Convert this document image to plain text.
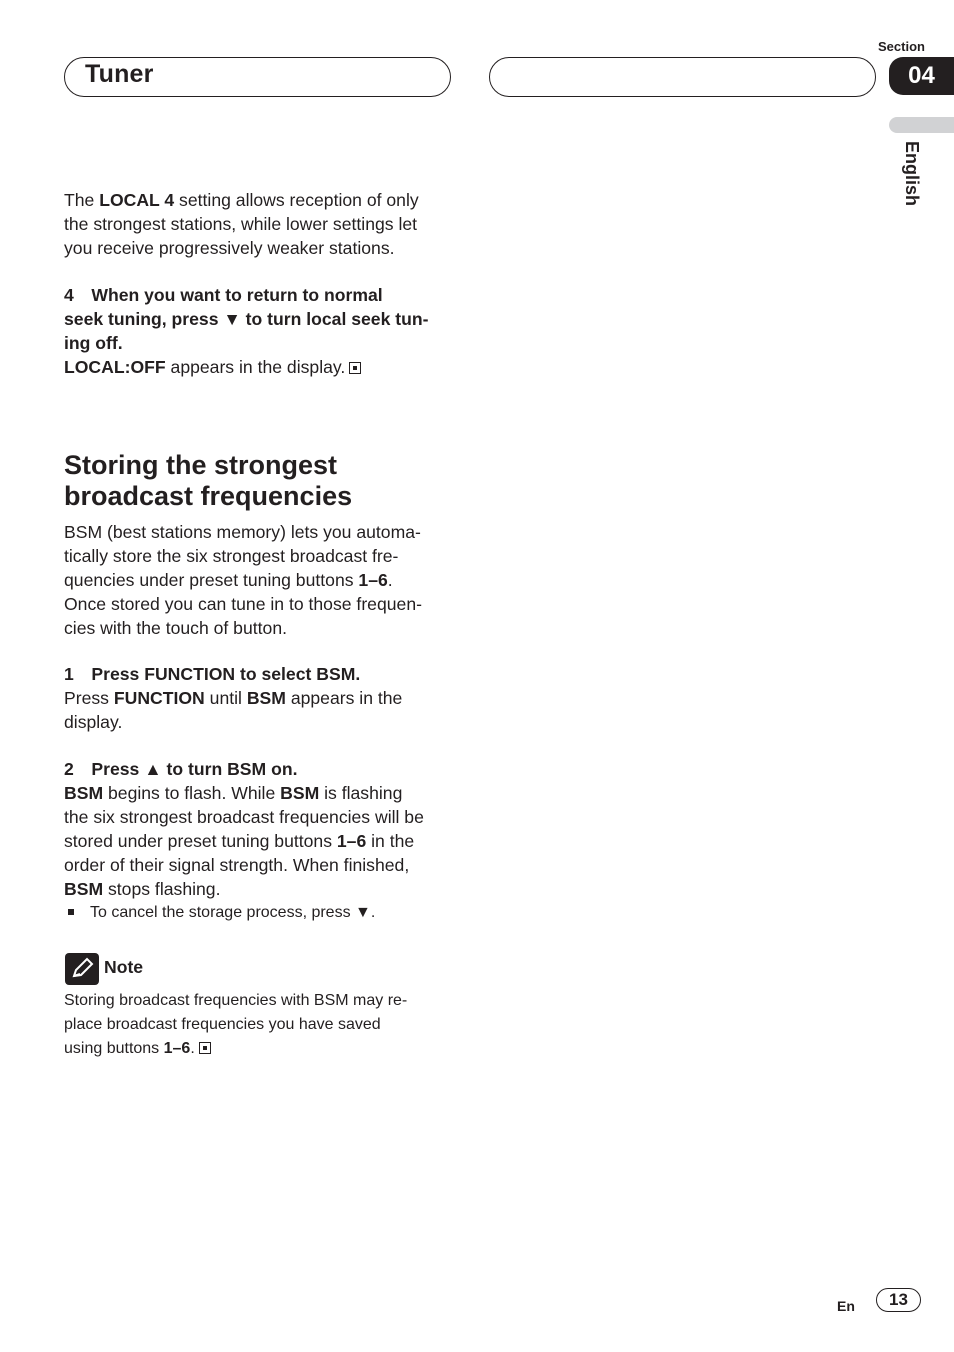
Tuner
Section
04
English

The LOCAL 4 setting allows reception of only

the strongest stations, while lower settings let

you receive progressively weaker stations.

4 When you want to return to normal

seek tuning, press ▼ to turn local seek tun-

ing off.

LOCAL:OFF appears in the display.

Storing the strongest

broadcast frequencies

BSM (best stations memory) lets you automa-

tically store the six strongest broadcast fre-

quencies under preset tuning buttons 1–6.

Once stored you can tune in to those frequen-

cies with the touch of button.

1 Press FUNCTION to select BSM.

Press FUNCTION until BSM appears in the

display.

2 Press ▲ to turn BSM on.

BSM begins to flash. While BSM is flashing

the six strongest broadcast frequencies will be

stored under preset tuning buttons 1–6 in the

order of their signal strength. When finished,

BSM stops flashing.

To cancel the storage process, press ▼.

Note

Storing broadcast frequencies with BSM may re-

place broadcast frequencies you have saved

using buttons 1–6.

En	13
